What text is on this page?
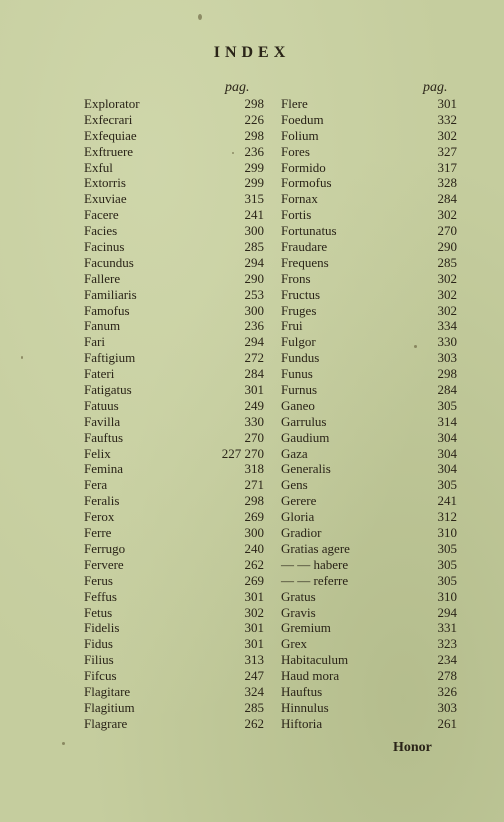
INDEX
pag.	pag.
Explorator	298
Exfecrari	226
Exfequiae	298
Exftruere	236
Exful	299
Extorris	299
Exuviae	315
Facere	241
Facies	300
Facinus	285
Facundus	294
Fallere	290
Familiaris	253
Famofus	300
Fanum	236
Fari	294
Faftigium	272
Fateri	284
Fatigatus	301
Fatuus	249
Favilla	330
Fauftus	270
Felix	227 270
Femina	318
Fera	271
Feralis	298
Ferox	269
Ferre	300
Ferrugo	240
Fervere	262
Ferus	269
Feffus	301
Fetus	302
Fidelis	301
Fidus	301
Filius	313
Fifcus	247
Flagitare	324
Flagitium	285
Flagrare	262
Flere	301
Foedum	332
Folium	302
Fores	327
Formido	317
Formofus	328
Fornax	284
Fortis	302
Fortunatus	270
Fraudare	290
Frequens	285
Frons	302
Fructus	302
Fruges	302
Frui	334
Fulgor	330
Fundus	303
Funus	298
Furnus	284
Ganeo	305
Garrulus	314
Gaudium	304
Gaza	304
Generalis	304
Gens	305
Gerere	241
Gloria	312
Gradior	310
Gratias agere	305
— — habere	305
— — referre	305
Gratus	310
Gravis	294
Gremium	331
Grex	323
Habitaculum	234
Haud mora	278
Hauftus	326
Hinnulus	303
Hiftoria	261
Honor
